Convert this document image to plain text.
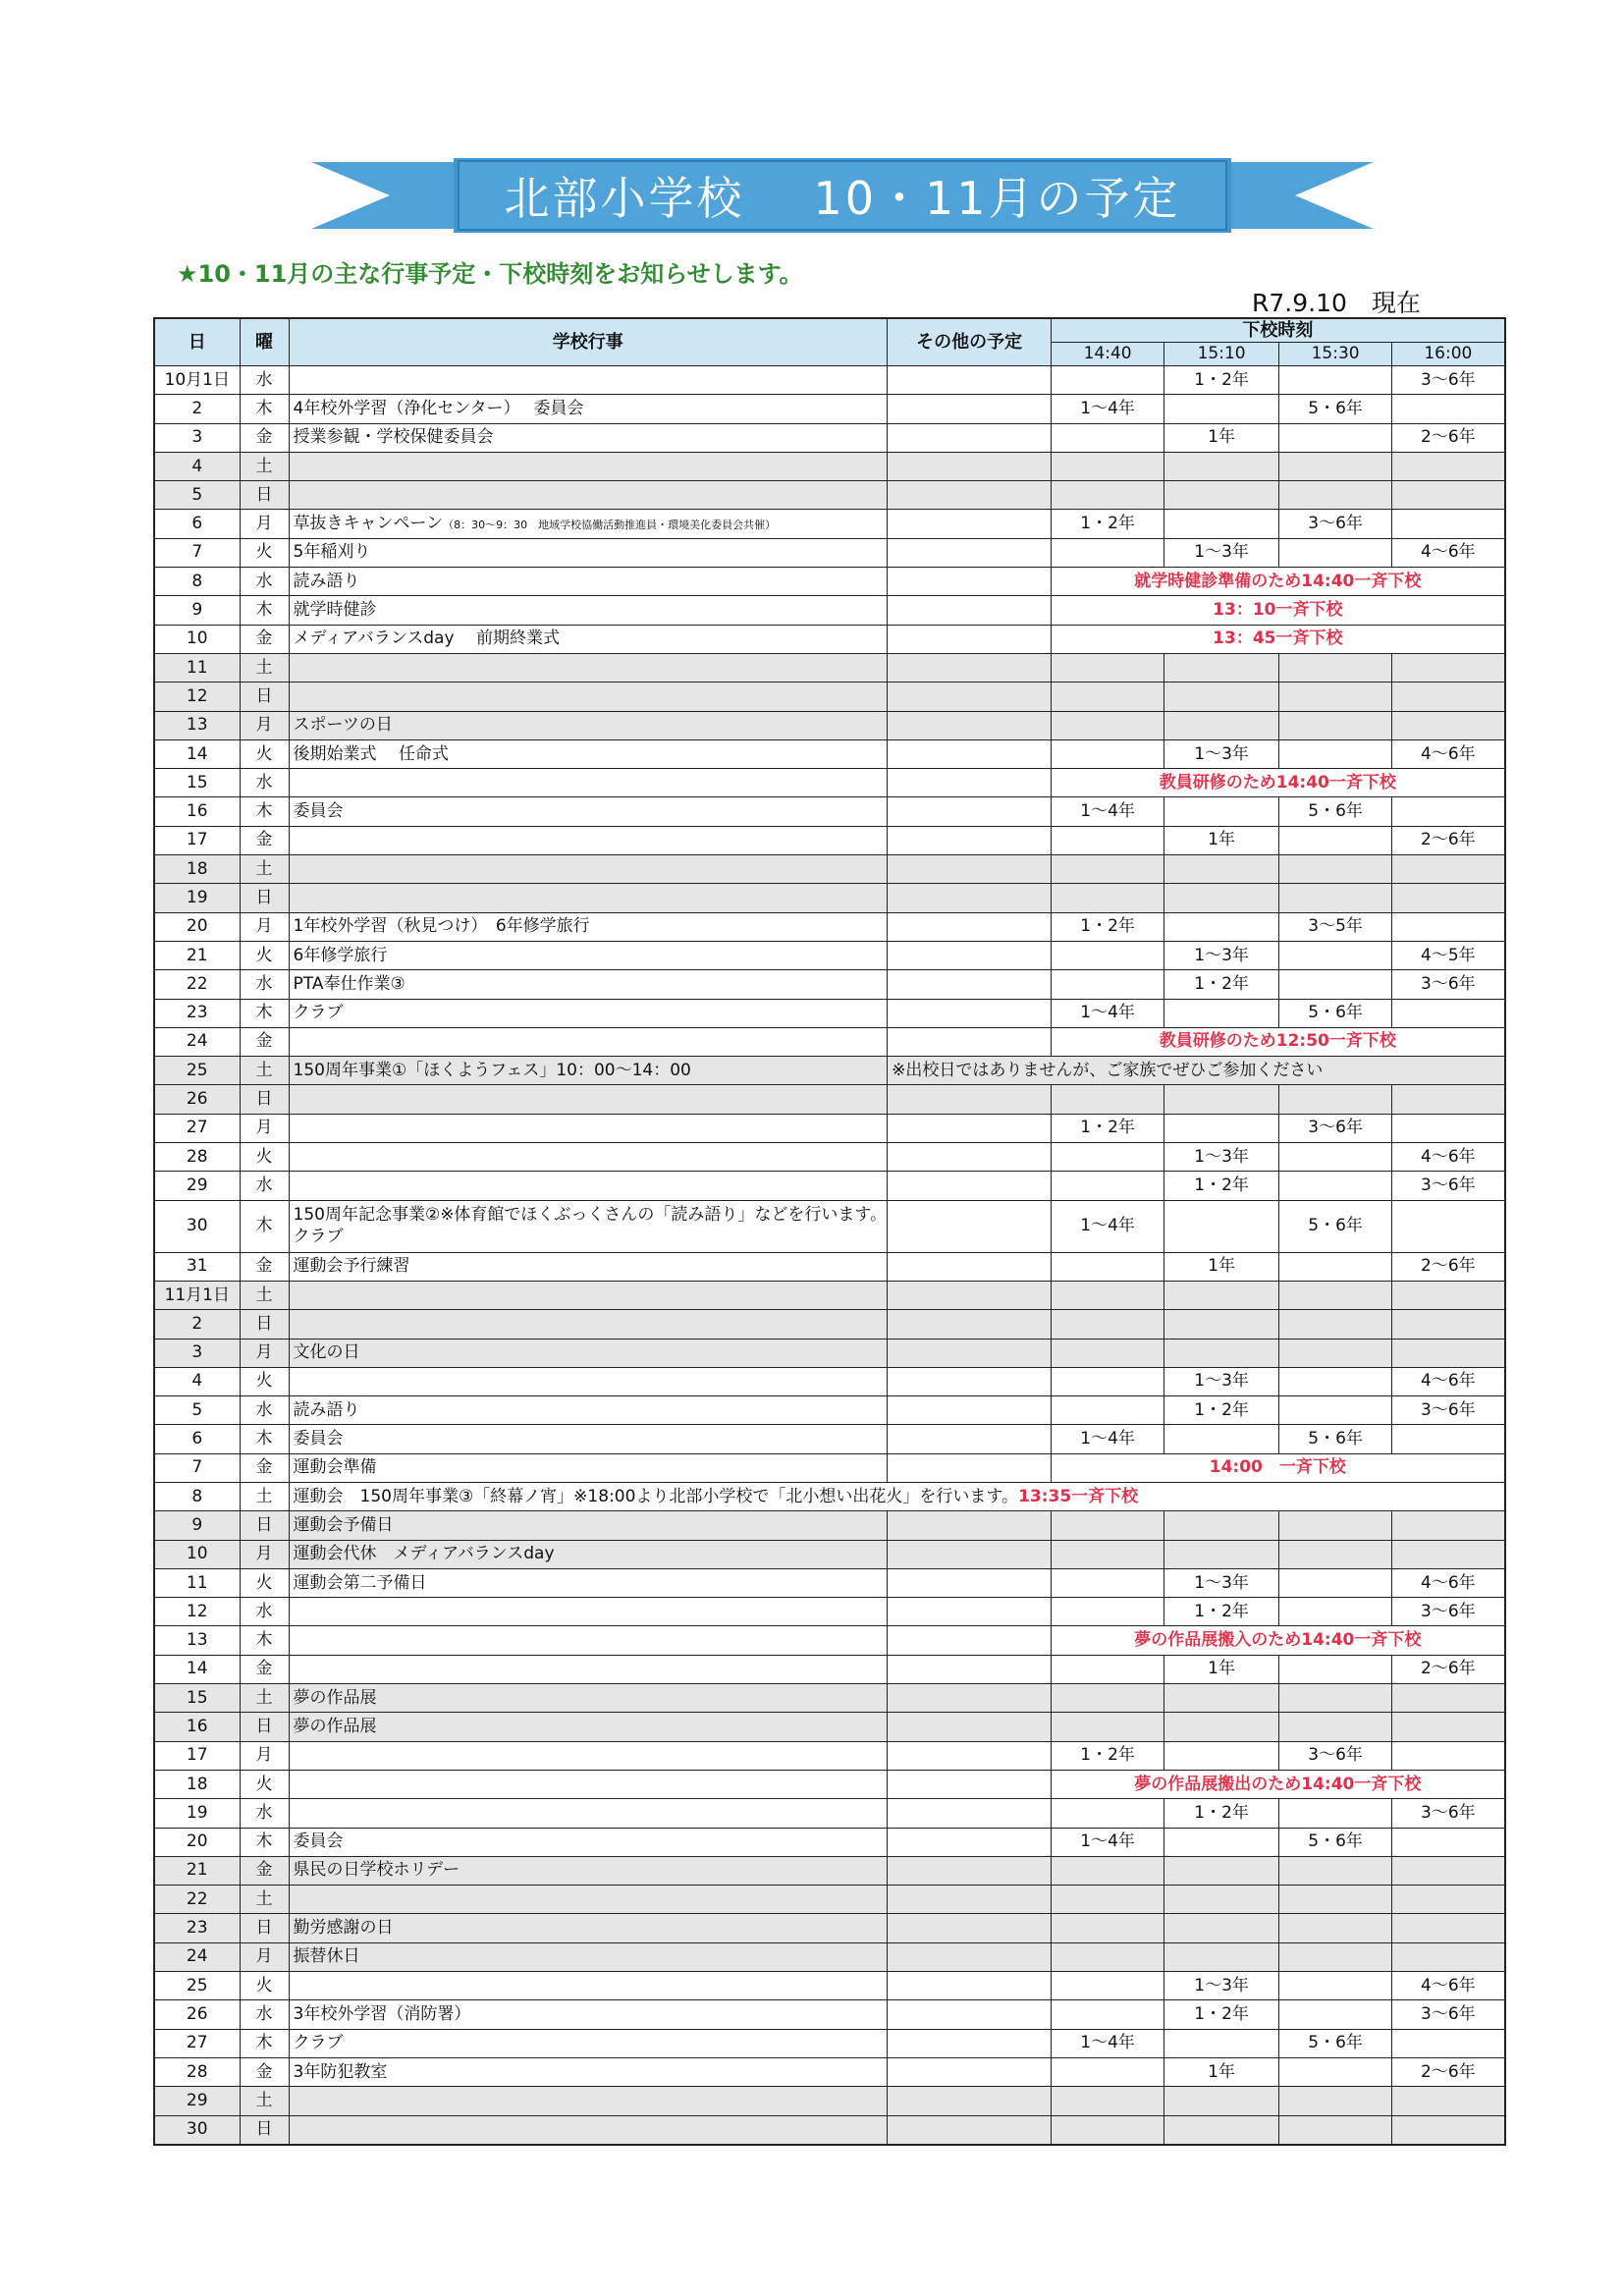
北部小学校 10・11月の予定
★10・11月の主な行事予定・下校時刻をお知らせします。
R7.9.10　現在
日	曜	学校行事	その他の予定	下校時刻			
				14:40	15:10	15:30	16:00
10月1日	水				1・2年		3～6年
2	木	4年校外学習（浄化センター）　 委員会		1～4年		5・6年	
3	金	授業参観・学校保健委員会			1年		2～6年
4	土						
5	日						
6	月	草抜きキャンペーン（8：30～9：30　地域学校協働活動推進員・環境美化委員会共催）		1・2年		3～6年	
7	火	5年稲刈り			1～3年		4～6年
8	水	読み語り		就学時健診準備のため14:40一斉下校			
9	木	就学時健診		13：10一斉下校			
10	金	メディアバランスday　 前期終業式		13：45一斉下校			
11	土						
12	日						
13	月	スポーツの日					
14	火	後期始業式　 任命式			1～3年		4～6年
15	水			教員研修のため14:40一斉下校			
16	木	委員会		1～4年		5・6年	
17	金				1年		2～6年
18	土						
19	日						
20	月	1年校外学習（秋見つけ）　6年修学旅行		1・2年		3～5年	
21	火	6年修学旅行			1～3年		4～5年
22	水	PTA奉仕作業③			1・2年		3～6年
23	木	クラブ		1～4年		5・6年	
24	金			教員研修のため12:50一斉下校			
25	土	150周年事業①「ほくようフェス」10：00～14：00	※出校日ではありませんが、ご家族でぜひご参加ください				
26	日						
27	月			1・2年		3～6年	
28	火				1～3年		4～6年
29	水				1・2年		3～6年
30	木	150周年記念事業②※体育館でほくぶっくさんの「読み語り」などを行います。
クラブ		1～4年		5・6年	
31	金	運動会予行練習			1年		2～6年
11月1日	土						
2	日						
3	月	文化の日					
4	火				1～3年		4～6年
5	水	読み語り			1・2年		3～6年
6	木	委員会		1～4年		5・6年	
7	金	運動会準備		14:00　一斉下校			
8	土	運動会　150周年事業③「終幕ノ宵」※18:00より北部小学校で「北小想い出花火」を行います。13:35一斉下校					
9	日	運動会予備日					
10	月	運動会代休　メディアバランスday					
11	火	運動会第二予備日			1～3年		4～6年
12	水				1・2年		3～6年
13	木			夢の作品展搬入のため14:40一斉下校			
14	金				1年		2～6年
15	土	夢の作品展					
16	日	夢の作品展					
17	月			1・2年		3～6年	
18	火			夢の作品展搬出のため14:40一斉下校			
19	水				1・2年		3～6年
20	木	委員会		1～4年		5・6年	
21	金	県民の日学校ホリデー					
22	土						
23	日	勤労感謝の日					
24	月	振替休日					
25	火				1～3年		4～6年
26	水	3年校外学習（消防署）			1・2年		3～6年
27	木	クラブ		1～4年		5・6年	
28	金	3年防犯教室			1年		2～6年
29	土						
30	日						
